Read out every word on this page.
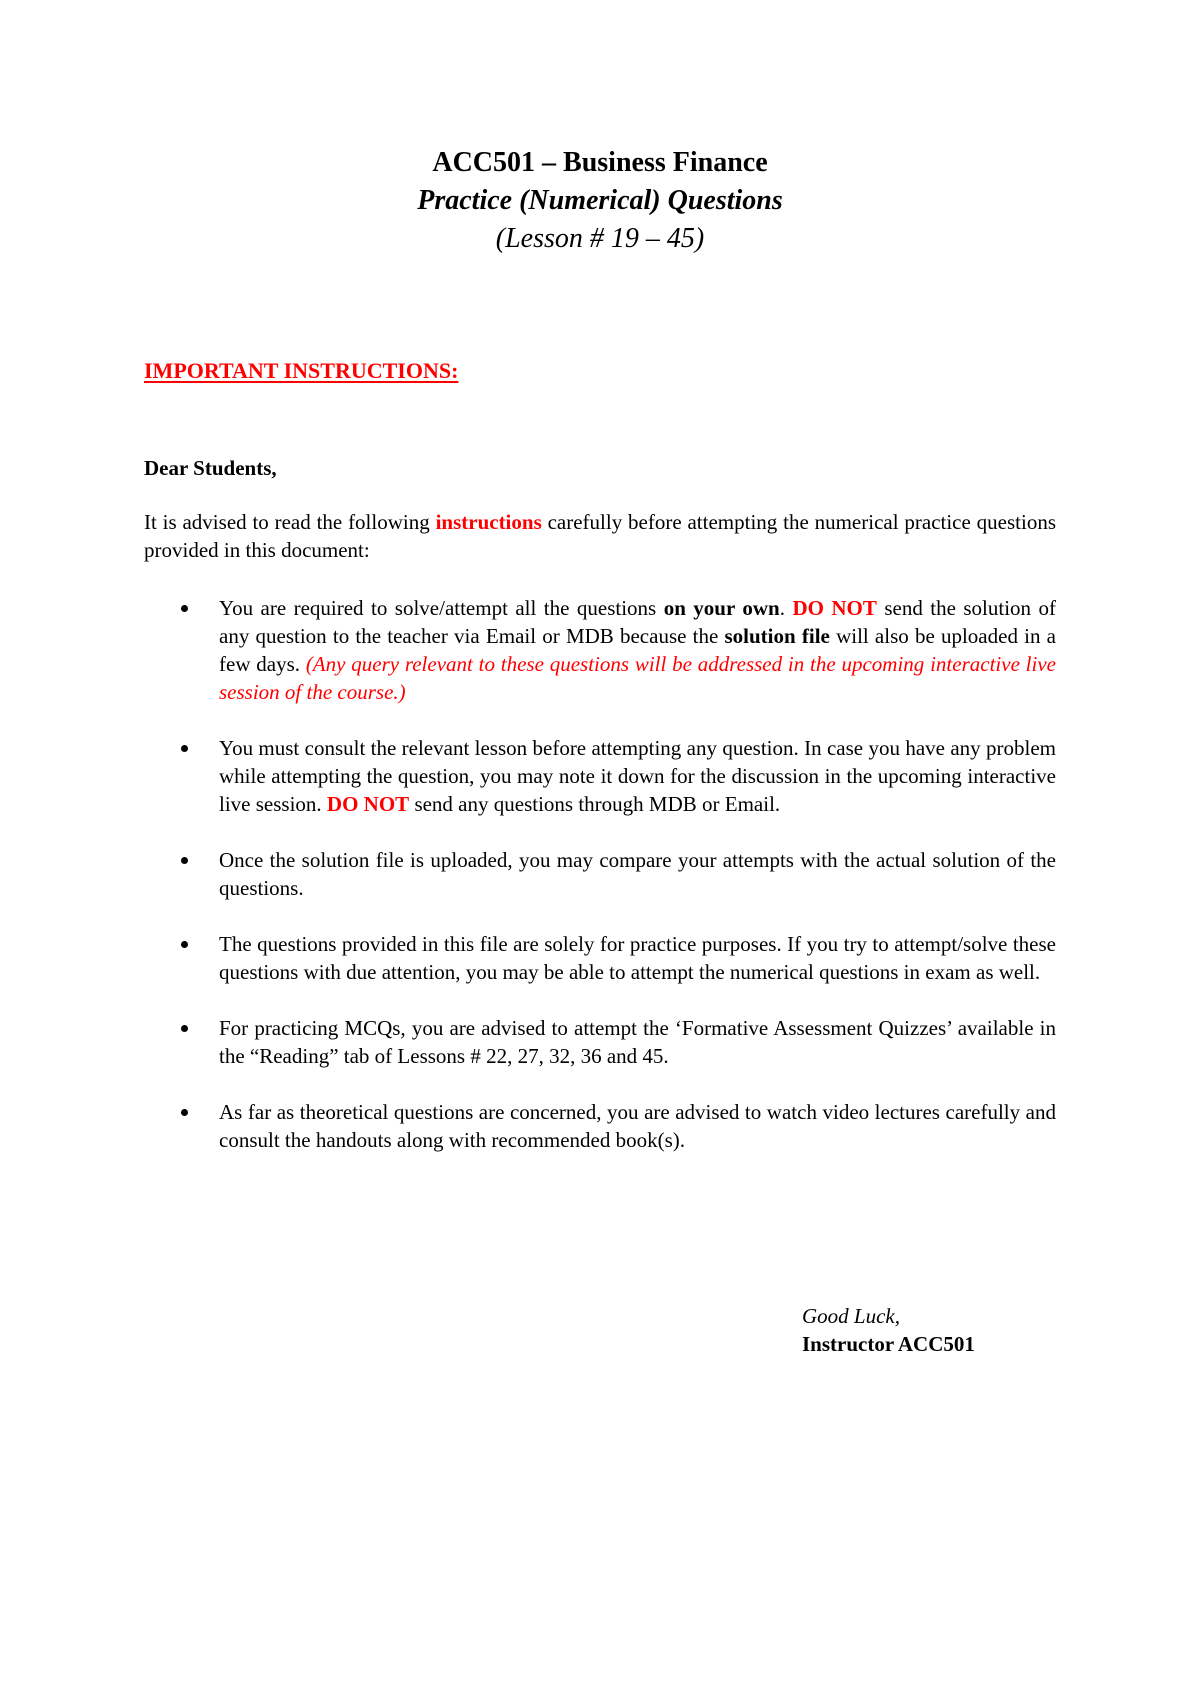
ACC501 – Business Finance
Practice (Numerical) Questions
(Lesson # 19 – 45)
IMPORTANT INSTRUCTIONS:
Dear Students,

It is advised to read the following instructions carefully before attempting the numerical practice questions provided in this document:

You are required to solve/attempt all the questions on your own. DO NOT send the solution of any question to the teacher via Email or MDB because the solution file will also be uploaded in a few days. (Any query relevant to these questions will be addressed in the upcoming interactive live session of the course.)
You must consult the relevant lesson before attempting any question. In case you have any problem while attempting the question, you may note it down for the discussion in the upcoming interactive live session. DO NOT send any questions through MDB or Email.
Once the solution file is uploaded, you may compare your attempts with the actual solution of the questions.
The questions provided in this file are solely for practice purposes. If you try to attempt/solve these questions with due attention, you may be able to attempt the numerical questions in exam as well.
For practicing MCQs, you are advised to attempt the ‘Formative Assessment Quizzes’ available in the “Reading” tab of Lessons # 22, 27, 32, 36 and 45.
As far as theoretical questions are concerned, you are advised to watch video lectures carefully and consult the handouts along with recommended book(s).
Good Luck,
Instructor ACC501
